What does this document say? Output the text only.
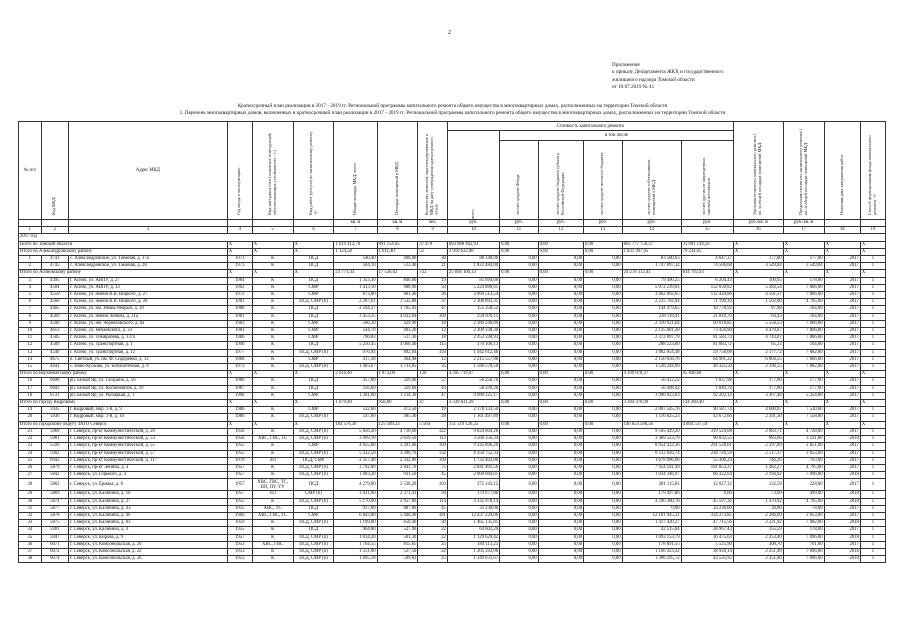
2
Приложение
к приказу Департамента ЖКХ и государственного
жилищного надзора Томской области
от 10.07.2019 № 41
Краткосрочный план реализации в 2017 - 2019 гг. Региональной программы капитального ремонта общего имущества в многоквартирных домах, расположенных на территории Томской области
1. Перечень многоквартирных домов, включенных в краткосрочный план реализации в 2017 - 2019 гг. Региональной программы капитального ремонта общего имущества в многоквартирных домах, расположенных на территории Томской области
№ п/п	Код МКД	Адрес МКД	Год ввода в эксплуатацию	Вид материала стен (основных конструкций, обеспечивающих устойчивость -1-)	Вид работ (услуги) по капитальному ремонту -2-	Общая площадь МКД, всего	Площадь помещений в МКД	Количество жителей, зарегистрированных в МКД на дату утверждения краткосрочного плана	Стоимость капитального ремонта						Удельная стоимость капитального ремонта 1 кв. м общей площади помещений МКД	Предельная стоимость капитального ремонта 1 кв. м общей площади помещений МКД	Плановая дата завершения работ	Способ формирования фонда капитального ремонта -3-

									всего	в том числе								

										за счет средств Фонда	за счет средств бюджета субъекта Российской Федерации	за счет средств местного бюджета	за счет средств собственников помещений в МКД	за счет других не запрещенных законом источников				

						кв. м	кв. м	чел.	руб.	руб.	руб.	руб.	руб.	руб.	руб./кв. м	руб./кв. м		
1	2	3	4	5	6	7	8	9	10	11	12	13	14	15	16	17	18	19
2017 год																		
Всего по Томской области			X	X	X	1 019 412,78	891 154,05	37 479	893 088 402,93	0,00	0,00	0,00	862 777 758,37	31 091 144,56	X	X	X	X
Итого по Александровскому району			X	X	X	1 124,50	1 011,40	51	1 910 632,00	0,00	0,00	0,00	1 831 397,95	79 234,05	X	X	X	X
1	4743	с. Александровское, ул. Таежная, д. 17а	1973	К	ПСД	540,40	498,00	30	88 148,00	0,00	0,00	0,00	83 500,63	4 647,37	177,00	177,00	2017	1
2	4745	с. Александровское, ул. Таежная, д. 28	1973	К	ПСД	584,10	513,40	21	1 822 484,00	0,00	0,00	0,00	1 747 897,32	74 586,68	3 549,84	3 549,84	2017	1
Итого по Асиновскому району			X	X	X	23 771,43	17 526,62	732	25 094 106,33	0,00	0,00	0,00	24 279 313,41	814 792,93	X	X	X	X
3	4395	г. Асино, ул. АВПУ, д. 27	1984	К	ПСД	1 353,30	846,00	19	85 694,68	0,00	0,00	0,00	79 490,25	6 204,43	100,95	178,00	2017	1
4	4504	г. Асино, ул. АВПУ, д. 33	1962	К	СМР	1 413,10	988,90	33	5 224 890,61	0,00	0,00	0,00	5 072 239,81	152 650,82	5 283,54	7 066,00	2017	1
5	4559	г. Асино, ул. имени В.В. Вицкого, д. 27	1972	К	СМР	873,00	881,40	36	3 994 513,54	0,00	0,00	0,00	3 862 092,65	132 420,86	4 501,37	7 066,00	2017	1
6	4560	г. Асино, ул. имени В.В. Вицкого, д. 28	1981	К	ПСД, СМР (п)	2 287,61	1 535,88	37	2 306 893,31	0,00	0,00	0,00	2 235 702,94	71 190,39	1 502,00	4 795,00	2017	1
7	4405	г. Асино, ул. им. Ивана Чекрыч, д. 18	1988	К	ПСД	2 594,37	1 765,93	47	155 358,52	0,00	0,00	0,00	144 479,65	10 778,92	87,98	164,00	2017	1
8	4569	г. Асино, ул. имени Ленина, д. 31а	1981	К	ПСД	3 453,35	4 033,04	169	259 870,11	0,00	0,00	0,00	238 118,41	21 810,70	64,43	164,00	2017	1
9	4590	г. Асино, ул. им. Черняховского, д. 6а	1983	К	СМР	506,20	429,90	18	2 389 240,89	0,00	0,00	0,00	2 310 921,64	69 618,85	5 558,53	7 066,00	2017	1
10	4613	г. Асино, ул. Нечаевского, д. 33	1981	К	СМР	544,70	493,20	12	2 209 138,30	0,00	0,00	0,00	2 135 681,30	73 456,90	4 479,67	7 066,00	2017	1
11	4585	г. Асино, ул. Тимирязева, д. 137а	1986	К	СМР	796,83	517,30	18	2 453 590,93	0,00	0,00	0,00	2 372 097,79	81 583,74	4 743,07	7 066,00	2017	1
12	4589	г. Асино, ул. Транспортная, д. 1	1990	К	ПСД	5 250,45	4 066,40	115	370 106,13	0,00	0,00	0,00	288 223,00	81 883,72	65,23	164,00	2017	1
13	4540	г. Асино, ул. Транспортная, д. 12	1977	К	ПСД, СМР (п)	976,94	892,04	193	1 942 612,46	0,00	0,00	0,00	1 882 854,38	59 758,08	2 177,72	7 082,00	2017	1
14	4675	п. Светлый, ул. им. Ф. Сидоренко, д. 12	1968	К	СМР	417,38	364,98	12	2 215 557,98	0,00	0,00	0,00	2 150 656,76	64 901,22	6 004,55	7 066,00	2017	1
15	4641	с. Ново-Кусково, ул. Библиотечная, д. 9	1973	К	ПСД, СМР (п)	1 403,67	1 711,85	35	1 586 570,50	0,00	0,00	0,00	1 538 244,99	48 325,50	2 196,55	7 082,00	2017	1
Итого по Верхнекетскому району			X	X	X	2 016,40	1 873,00	128	4 205 719,97	0,00	0,00	0,00	4 109 878,37	95 840,60	X	X	X	X
16	6690	рп. Белый Яр, ул. Гагарина, д. 56	1986	К	ПСД	357,80	329,00	57	56 256,70	0,00	0,00	0,00	56 412,22	1 837,98	177,00	177,00	2017	1
17	6692	рп. Белый Яр, ул. Космонавтов, д. 10	1987	К	ПСД	356,60	329,60	44	58 339,20	0,00	0,00	0,00	56 498,42	1 840,78	177,00	177,00	2017	1
18	6731	рп. Белый Яр, ул. Рыбацкая, д. 1	1996	К	СМР	1 301,60	1 214,30	47	4 089 125,17	0,00	0,00	0,00	3 996 923,03	92 202,14	3 367,48	5 354,00	2017	1
Итого по городу Кедровому			X	X	X	1 079,40	958,80	47	3 339 631,39	0,00	0,00	0,00	3 204 370,99	134 260,40	X	X	X	X
19	5935	г. Кедровый, мкр. 1-й, д. 9	1986	К	СМР	532,60	473,50	19	2 178 133,50	0,00	0,00	0,00	2 087 545,76	90 587,74	4 600,07	7 530,00	2017	1
20	5936	г. Кедровый, мкр. 1-й, д. 10	1986	К	ПСД, СМР (п)	547,80	485,30	28	1 161 497,89	0,00	0,00	0,00	1 116 825,23	43 672,66	2 391,30	7 558,00	2017	1
Итого по городскому округу ЗАТО Северск			X	X	X	164 576,36	125 589,33	5 564	151 519 126,25	0,00	0,00	0,00	146 654 588,56	4 864 537,59	X	X	X	X
21	5969	г. Северск, пр-кт Коммунистический, д. 20	1956	К	ПСД, СМР (п)	5 856,20	4 710,60	122	9 824 004,28	0,00	0,00	0,00	9 505 449,20	319 524,68	2 083,71	4 728,00	2017	1
22	5981	г. Северск, пр-кт Коммунистический, д. 53	1956	ХВС, ГВС, ТС	ПСД, СМР (п)	3 999,10	2 619,50	113	3 560 356,34	0,00	0,00	0,00	3 469 523,79	90 832,55	983,66	3 121,00	2018	1
23	5599	г. Северск, пр-кт Коммунистический, д. 55	1955	К	СМР	4 055,00	3 291,00	109	9 245 896,20	0,00	0,00	0,00	8 954 422,36	291 528,61	2 297,89	2 851,00	2017	1
24	5902	г. Северск, пр-кт Коммунистический, д. 57	1955	К	ПСД, СМР (п)	5 332,50	3 396,70	132	8 350 752,33	0,00	0,00	0,00	8 112 026,74	238 726,59	2 517,37	3 053,00	2017	1
25	6942	г. Северск, пр-кт Коммунистический, д. 117	1970	ЛО	ПСД, СМР	2 357,48	2 332,80	109	1 733 403,00	0,00	0,00	0,00	1 678 096,66	55 306,24	746,26	763,00	2017	1
26	5879	г. Северск, пр-кт Ленина, д. 4	1957	К	ПСД, СМР (п)	3 792,00	2 841,70	75	2 041 401,56	0,00	0,00	0,00	7 954 591,49	101 853,27	1 482,27	4 795,00	2017	1
27	5842	г. Северск, ул. Горького, д. 4	1957	К	ПСД, СМР (п)	1 003,20	931,50	45	2 000 669,61	0,00	0,00	0,00	1 934 346,97	66 322,64	2 194,92	7 096,00	2018	1
28	5862	г. Северск, ул. Ермака, д. 6	1957	ХВС, ГВС, ТС, ВО, ПУ, УУ	ПСД	4 279,00	2 536,20	103	375 143,15	0,00	0,00	0,00	301 115,81	12 027,32	132,59	228,00	2017	1
29	5869	г. Северск, ул. Калинина, д. 16	1957	ПЛ	СМР (п)	3 431,00	2 371,43	94	179 677,86	0,00	0,00	0,00	179 497,86	0,00	73,69	499,00	2018	1
30	5874	г. Северск, ул. Калинина, д. 27	1955	К	ПСД, СМР (п)	5 170,00	2 957,80	114	4 335 978,14	0,00	0,00	0,00	4 290 380,78	45 597,36	1 470,92	4 795,00	2018	1
31	5877	г. Северск, ул. Калинина, д. 43	1935	ХВС, ТС	ПСД	927,80	887,80	45	33 236,00	0,00	0,00	0,00	0,00	33 236,00	39,00	78,00	2017	1
32	5878	г. Северск, ул. Калинина, д. 46	1966	ХВС, ГВС, ТС	СМР	6 843,80	5 440,40	181	12 437 229,06	0,00	0,00	0,00	12 101 945,21	334 273,85	2 286,09	3 053,00	2017	1
33	5875	г. Северск, ул. Калинина, д. 83	1959	К	ПСД, СМР (п)	1 199,00	650,40	30	1 465 135,81	0,00	0,00	0,00	1 417 420,27	47 715,56	2 221,92	7 082,00	2018	1
34	5901	г. Северск, ул. Калинина, д. 4	1955	К	ПСД	964,80	527,90	22	64 602,20	0,00	0,00	0,00	42 515,84	28 967,43	155,59	178,00	2017	1
35	5947	г. Северск, ул. Кирова, д. 9	1957	К	ПСД, СМР (п)	1 014,20	501,30	22	1 129 629,42	0,00	0,00	0,00	1 093 153,79	36 475,63	2 253,40	7 096,00	2018	1
36	6071	г. Северск, ул. Комсомольская, д. 20	1953	ХВС, ГВС	ПСД, СМР (п)	1 764,55	815,65	25	184 113,25	0,00	0,00	0,00	178 891,55	5 525,90	308,70	701,00	2017	1
37	6072	г. Северск, ул. Комсомольская, д. 22	1953	К	ПСД, СМР (п)	1 551,00	527,50	22	1 205 343,06	0,00	0,00	0,00	1 166 423,32	38 920,14	2 251,40	7 096,00	2018	1
38	6074	г. Северск, ул. Комсомольская, д. 26	1953	К	ПСД, СМР (п)	1 695,18	599,02	25	1 349 831,67	0,00	0,00	0,00	1 306 295,72	43 535,95	2 251,40	7 096,00	2018	1
